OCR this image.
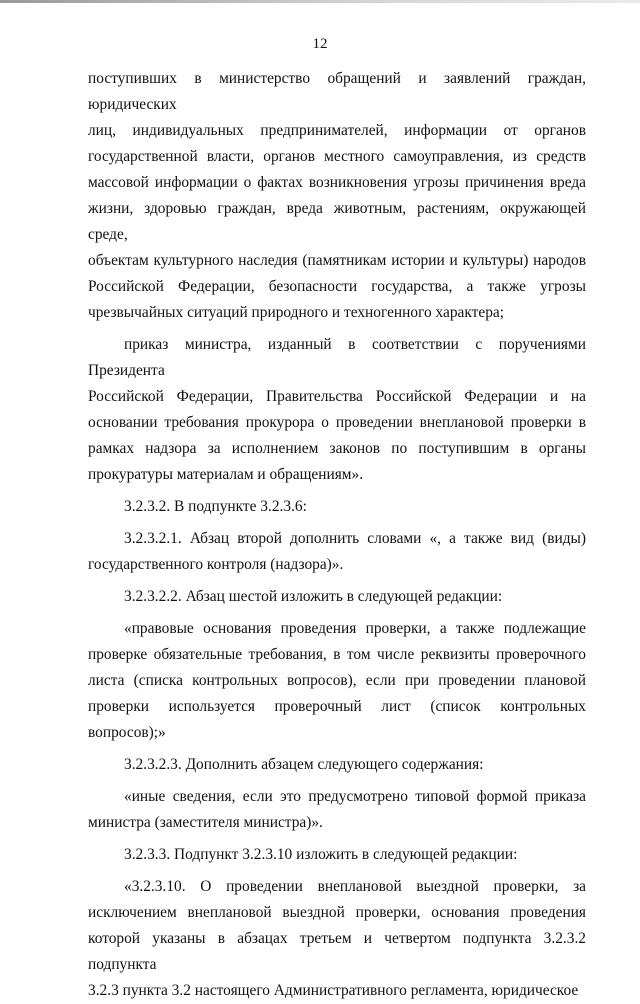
12
поступивших в министерство обращений и заявлений граждан, юридических
лиц, индивидуальных предпринимателей, информации от органов
государственной власти, органов местного самоуправления, из средств
массовой информации о фактах возникновения угрозы причинения вреда
жизни, здоровью граждан, вреда животным, растениям, окружающей среде,
объектам культурного наследия (памятникам истории и культуры) народов
Российской Федерации, безопасности государства, а также угрозы
чрезвычайных ситуаций природного и техногенного характера;
приказ министра, изданный в соответствии с поручениями Президента
Российской Федерации, Правительства Российской Федерации и на
основании требования прокурора о проведении внеплановой проверки в
рамках надзора за исполнением законов по поступившим в органы
прокуратуры материалам и обращениям».
3.2.3.2. В подпункте 3.2.3.6:
3.2.3.2.1. Абзац второй дополнить словами «, а также вид (виды)
государственного контроля (надзора)».
3.2.3.2.2. Абзац шестой изложить в следующей редакции:
«правовые основания проведения проверки, а также подлежащие
проверке обязательные требования, в том числе реквизиты проверочного
листа (списка контрольных вопросов), если при проведении плановой
проверки используется проверочный лист (список контрольных вопросов);»
3.2.3.2.3. Дополнить абзацем следующего содержания:
«иные сведения, если это предусмотрено типовой формой приказа
министра (заместителя министра)».
3.2.3.3. Подпункт 3.2.3.10 изложить в следующей редакции:
«3.2.3.10. О проведении внеплановой выездной проверки, за
исключением внеплановой выездной проверки, основания проведения
которой указаны в абзацах третьем и четвертом подпункта 3.2.3.2 подпункта
3.2.3 пункта 3.2 настоящего Административного регламента, юридическое
